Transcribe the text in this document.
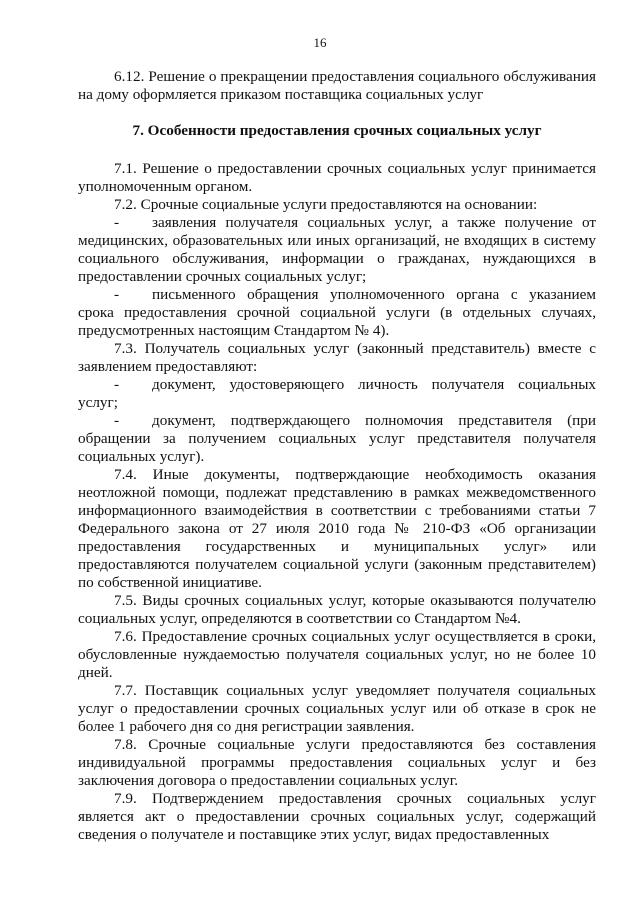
16

6.12. Решение о прекращении предоставления социального обслуживания на дому оформляется приказом поставщика социальных услуг

7. Особенности предоставления срочных социальных услуг

7.1. Решение о предоставлении срочных социальных услуг принимается уполномоченным органом.

7.2. Срочные социальные услуги предоставляются на основании:

- заявления получателя социальных услуг, а также получение от медицинских, образовательных или иных организаций, не входящих в систему социального обслуживания, информации о гражданах, нуждающихся в предоставлении срочных социальных услуг;

- письменного обращения уполномоченного органа с указанием срока предоставления срочной социальной услуги (в отдельных случаях, предусмотренных настоящим Стандартом № 4).

7.3. Получатель социальных услуг (законный представитель) вместе с заявлением предоставляют:

- документ, удостоверяющего личность получателя социальных услуг;

- документ, подтверждающего полномочия представителя (при обращении за получением социальных услуг представителя получателя социальных услуг).

7.4. Иные документы, подтверждающие необходимость оказания неотложной помощи, подлежат представлению в рамках межведомственного информационного взаимодействия в соответствии с требованиями статьи 7 Федерального закона от 27 июля 2010 года № 210-ФЗ «Об организации предоставления государственных и муниципальных услуг» или предоставляются получателем социальной услуги (законным представителем) по собственной инициативе.

7.5. Виды срочных социальных услуг, которые оказываются получателю социальных услуг, определяются в соответствии со Стандартом №4.

7.6. Предоставление срочных социальных услуг осуществляется в сроки, обусловленные нуждаемостью получателя социальных услуг, но не более 10 дней.

7.7. Поставщик социальных услуг уведомляет получателя социальных услуг о предоставлении срочных социальных услуг или об отказе в срок не более 1 рабочего дня со дня регистрации заявления.

7.8. Срочные социальные услуги предоставляются без составления индивидуальной программы предоставления социальных услуг и без заключения договора о предоставлении социальных услуг.

7.9. Подтверждением предоставления срочных социальных услуг является акт о предоставлении срочных социальных услуг, содержащий сведения о получателе и поставщике этих услуг, видах предоставленных
